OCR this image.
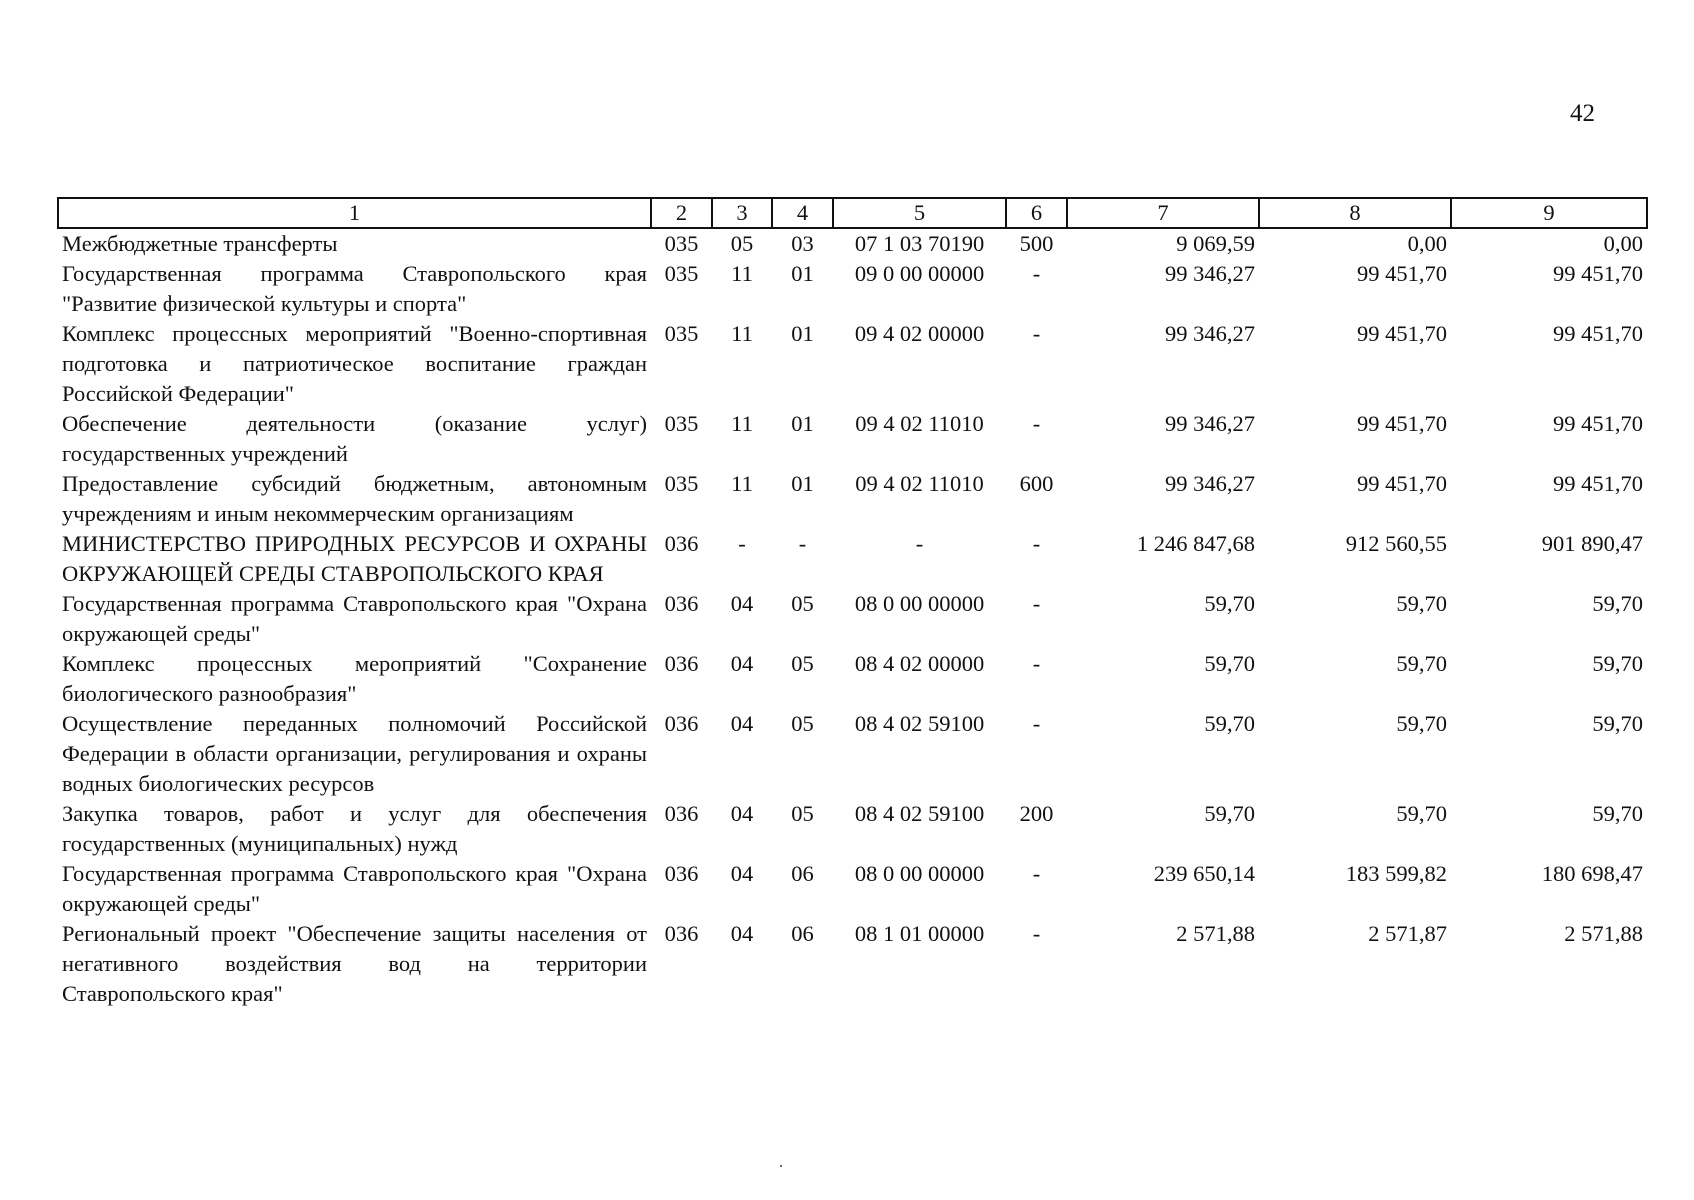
42
1	2	3	4	5	6	7	8	9
Межбюджетные трансферты	035	05	03	07 1 03 70190	500	9 069,59	0,00	0,00
Государственная программа Ставропольского края "Развитие физической культуры и спорта"	035	11	01	09 0 00 00000	-	99 346,27	99 451,70	99 451,70
Комплекс процессных мероприятий "Военно-спортивная подготовка и патриотическое воспитание граждан Российской Федерации"	035	11	01	09 4 02 00000	-	99 346,27	99 451,70	99 451,70
Обеспечение деятельности (оказание услуг) государственных учреждений	035	11	01	09 4 02 11010	-	99 346,27	99 451,70	99 451,70
Предоставление субсидий бюджетным, автономным учреждениям и иным некоммерческим организациям	035	11	01	09 4 02 11010	600	99 346,27	99 451,70	99 451,70
МИНИСТЕРСТВО ПРИРОДНЫХ РЕСУРСОВ И ОХРАНЫ ОКРУЖАЮЩЕЙ СРЕДЫ СТАВРОПОЛЬСКОГО КРАЯ	036	-	-	-	-	1 246 847,68	912 560,55	901 890,47
Государственная программа Ставропольского края "Охрана окружающей среды"	036	04	05	08 0 00 00000	-	59,70	59,70	59,70
Комплекс процессных мероприятий "Сохранение биологического разнообразия"	036	04	05	08 4 02 00000	-	59,70	59,70	59,70
Осуществление переданных полномочий Российской Федерации в области организации, регулирования и охраны водных биологических ресурсов	036	04	05	08 4 02 59100	-	59,70	59,70	59,70
Закупка товаров, работ и услуг для обеспечения государственных (муниципальных) нужд	036	04	05	08 4 02 59100	200	59,70	59,70	59,70
Государственная программа Ставропольского края "Охрана окружающей среды"	036	04	06	08 0 00 00000	-	239 650,14	183 599,82	180 698,47
Региональный проект "Обеспечение защиты населения от негативного воздействия вод на территории Ставропольского края"	036	04	06	08 1 01 00000	-	2 571,88	2 571,87	2 571,88
